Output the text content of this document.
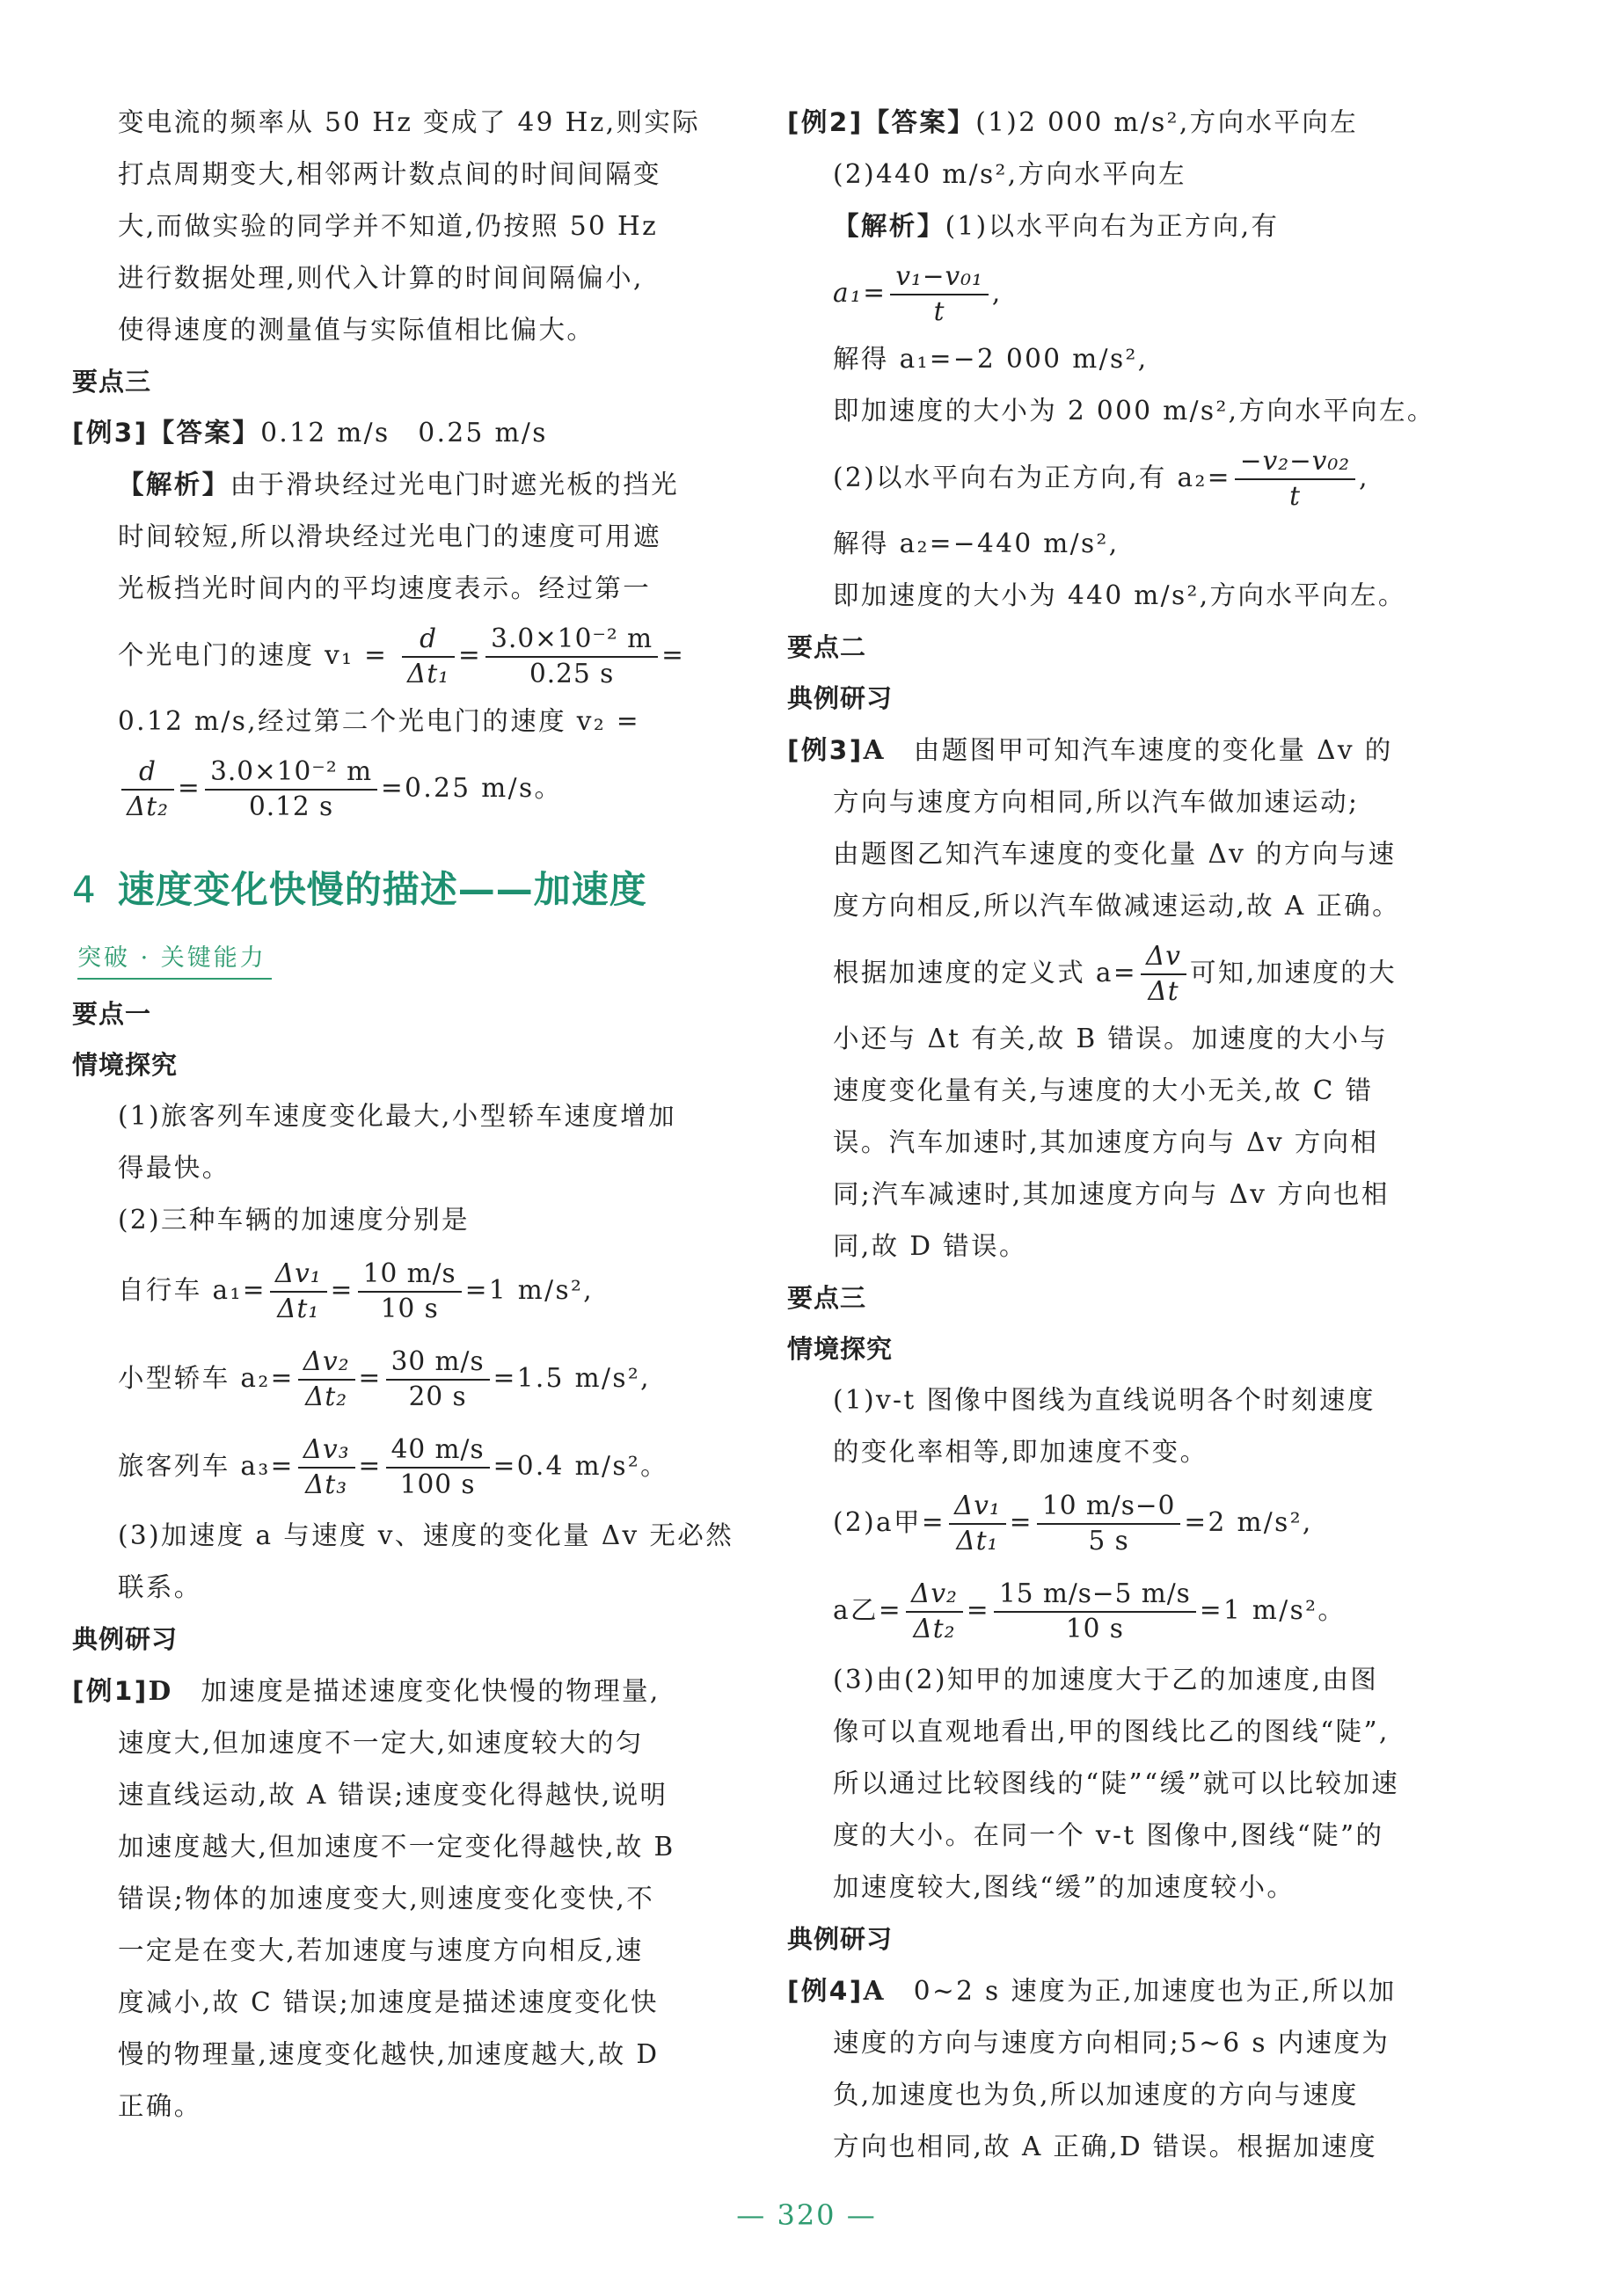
变电流的频率从 50 Hz 变成了 49 Hz,则实际

打点周期变大,相邻两计数点间的时间间隔变

大,而做实验的同学并不知道,仍按照 50 Hz

进行数据处理,则代入计算的时间间隔偏小,

使得速度的测量值与实际值相比偏大。

要点三

[例3]【答案】0.12 m/s　0.25 m/s

【解析】由于滑块经过光电门时遮光板的挡光

时间较短,所以滑块经过光电门的速度可用遮

光板挡光时间内的平均速度表示。经过第一

个光电门的速度 $v_1 = \frac{d}{\text{Δt₁}} = \frac{\text{3.0×10⁻² m}}{0.25 s}$ =

0.12 m/s,经过第二个光电门的速度 v₂ =

$\frac{d}{\text{Δt₂}} = \frac{\text{3.0×10⁻² m}}{0.12 s} =0.25$ m/s。

4 速度变化快慢的描述——加速度
突破 · 关键能力
要点一
情境探究

(1)旅客列车速度变化最大,小型轿车速度增加

得最快。

(2)三种车辆的加速度分别是

自行车 $a_1= \frac{\text{Δv₁}}{\text{Δt₁}} = \frac{10 m/s}{10 s} =1$ m/s²,

小型轿车 $a_2= \frac{\text{Δv₂}}{\text{Δt₂}} = \frac{30 m/s}{20 s} =1.5$ m/s²,

旅客列车 $a_3= \frac{\text{Δv₃}}{\text{Δt₃}} = \frac{40 m/s}{100 s} =0.4$ m/s²。

(3)加速度 a 与速度 v、速度的变化量 Δv 无必然

联系。

典例研习

[例1]D　 加速度是描述速度变化快慢的物理量,

速度大,但加速度不一定大,如速度较大的匀

速直线运动,故 A 错误;速度变化得越快,说明

加速度越大,但加速度不一定变化得越快,故 B

错误;物体的加速度变大,则速度变化变快,不

一定是在变大,若加速度与速度方向相反,速

度减小,故 C 错误;加速度是描述速度变化快

慢的物理量,速度变化越快,加速度越大,故 D

正确。

[例2]【答案】(1)2 000 m/s²,方向水平向左

(2)440 m/s²,方向水平向左

【解析】(1)以水平向右为正方向,有

$a_1= \frac{\text{v₁−v₀₁}}{t}$ ,

解得 a₁=−2 000 m/s²,

即加速度的大小为 2 000 m/s²,方向水平向左。

(2)以水平向右为正方向,有 $a_2= \frac{\text{−v₂−v₀₂}}{t}$ ,

解得 a₂=−440 m/s²,

即加速度的大小为 440 m/s²,方向水平向左。

要点二
典例研习

[例3]A　 由题图甲可知汽车速度的变化量 Δv 的

方向与速度方向相同,所以汽车做加速运动;

由题图乙知汽车速度的变化量 Δv 的方向与速

度方向相反,所以汽车做减速运动,故 A 正确。

根据加速度的定义式 $a= \frac{\Delta v}{\Delta t}$ 可知,加速度的大

小还与 Δt 有关,故 B 错误。加速度的大小与

速度变化量有关,与速度的大小无关,故 C 错

误。汽车加速时,其加速度方向与 Δv 方向相

同;汽车减速时,其加速度方向与 Δv 方向也相

同,故 D 错误。

要点三
情境探究

(1)v-t 图像中图线为直线说明各个时刻速度

的变化率相等,即加速度不变。

(2)a甲= $\frac{\text{Δv₁}}{\text{Δt₁}} = \frac{10 m/s-0}{5 s} =2$ m/s²,

a乙= $\frac{\text{Δv₂}}{\text{Δt₂}} = \frac{15 m/s-5 m/s}{10 s} =1$ m/s²。

(3)由(2)知甲的加速度大于乙的加速度,由图

像可以直观地看出,甲的图线比乙的图线“陡”,

所以通过比较图线的“陡”“缓”就可以比较加速

度的大小。在同一个 v-t 图像中,图线“陡”的

加速度较大,图线“缓”的加速度较小。

典例研习

[例4]A　 0~2 s 速度为正,加速度也为正,所以加

速度的方向与速度方向相同;5~6 s 内速度为

负,加速度也为负,所以加速度的方向与速度

方向也相同,故 A 正确,D 错误。根据加速度

— 320 —
